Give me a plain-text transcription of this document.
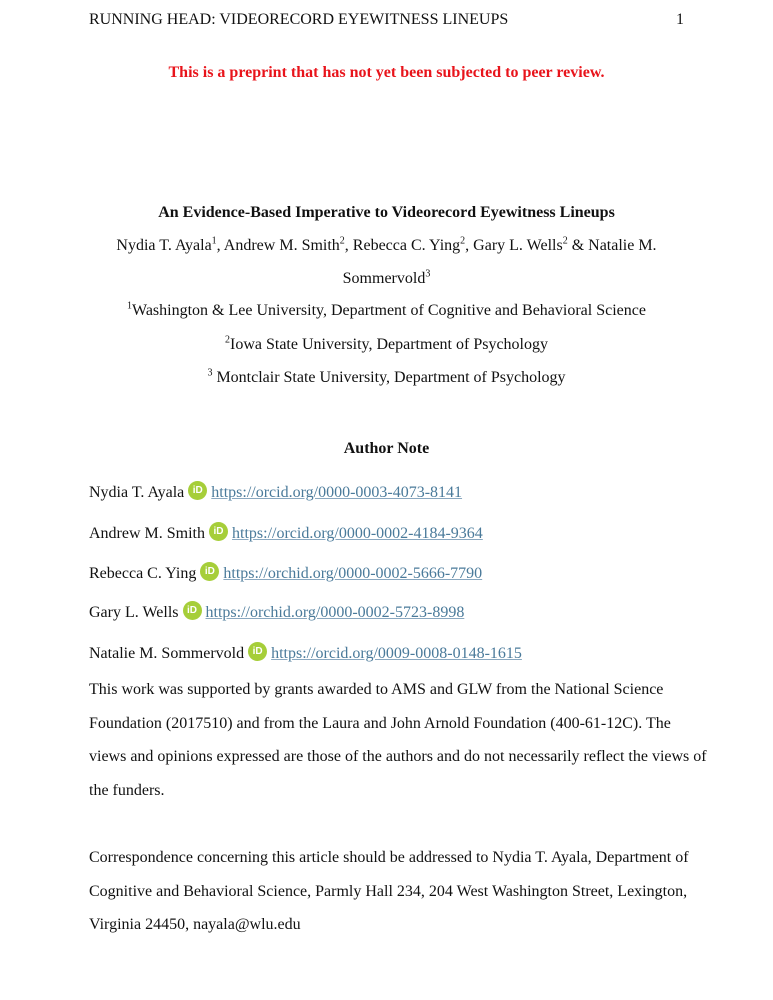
RUNNING HEAD: VIDEORECORD EYEWITNESS LINEUPS	1
This is a preprint that has not yet been subjected to peer review.
An Evidence-Based Imperative to Videorecord Eyewitness Lineups
Nydia T. Ayala$^1$, Andrew M. Smith$^2$, Rebecca C. Ying$^2$, Gary L. Wells$^2$ & Natalie M.
Sommervold$^3$
$^1$Washington & Lee University, Department of Cognitive and Behavioral Science
$^2$Iowa State University, Department of Psychology
$^3$ Montclair State University, Department of Psychology
Author Note
Nydia T. Ayala iD https://orcid.org/0000-0003-4073-8141
Andrew M. Smith iD https://orcid.org/0000-0002-4184-9364
Rebecca C. Ying iD https://orchid.org/0000-0002-5666-7790
Gary L. Wells iD https://orchid.org/0000-0002-5723-8998
Natalie M. Sommervold iD https://orcid.org/0009-0008-0148-1615
This work was supported by grants awarded to AMS and GLW from the National Science
Foundation (2017510) and from the Laura and John Arnold Foundation (400-61-12C). The
views and opinions expressed are those of the authors and do not necessarily reflect the views of
the funders.
Correspondence concerning this article should be addressed to Nydia T. Ayala, Department of
Cognitive and Behavioral Science, Parmly Hall 234, 204 West Washington Street, Lexington,
Virginia 24450, nayala@wlu.edu
